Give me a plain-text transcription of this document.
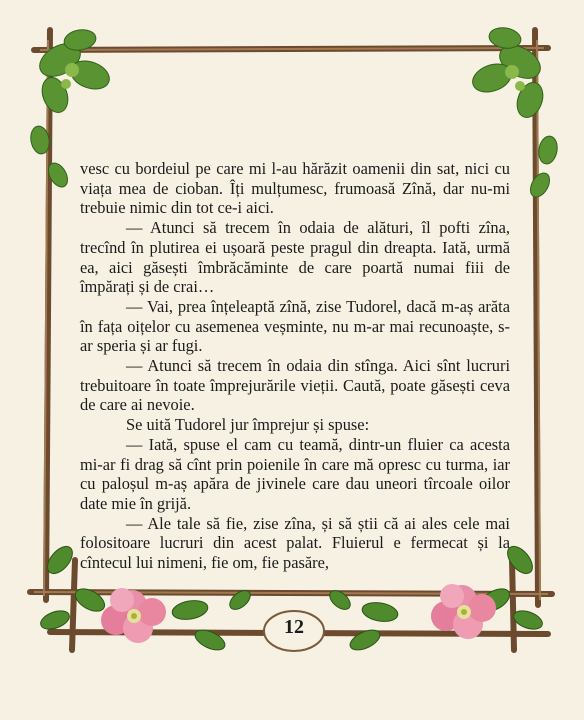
vesc cu bordeiul pe care mi l-au hărăzit oamenii din sat, nici cu viața mea de cioban. Îți mulțumesc, frumoasă Zînă, dar nu-mi trebuie nimic din tot ce-i aici.

— Atunci să trecem în odaia de alături, îl pofti zîna, trecînd în plutirea ei ușoară peste pragul din dreapta. Iată, urmă ea, aici găsești îmbrăcăminte de care poartă numai fiii de împărați și de crai…

— Vai, prea înțeleaptă zînă, zise Tudorel, dacă m-aș arăta în fața oițelor cu asemenea veșminte, nu m-ar mai recunoaște, s-ar speria și ar fugi.

— Atunci să trecem în odaia din stînga. Aici sînt lucruri trebuitoare în toate împrejurările vieții. Caută, poate găsești ceva de care ai nevoie.

Se uită Tudorel jur împrejur și spuse:

— Iată, spuse el cam cu teamă, dintr-un fluier ca acesta mi-ar fi drag să cînt prin poienile în care mă opresc cu turma, iar cu paloșul m-aș apăra de jivinele care dau uneori tîrcoale oilor date mie în grijă.

— Ale tale să fie, zise zîna, și să știi că ai ales cele mai folositoare lucruri din acest palat. Fluierul e fermecat și la cîntecul lui nimeni, fie om, fie pasăre,

12
